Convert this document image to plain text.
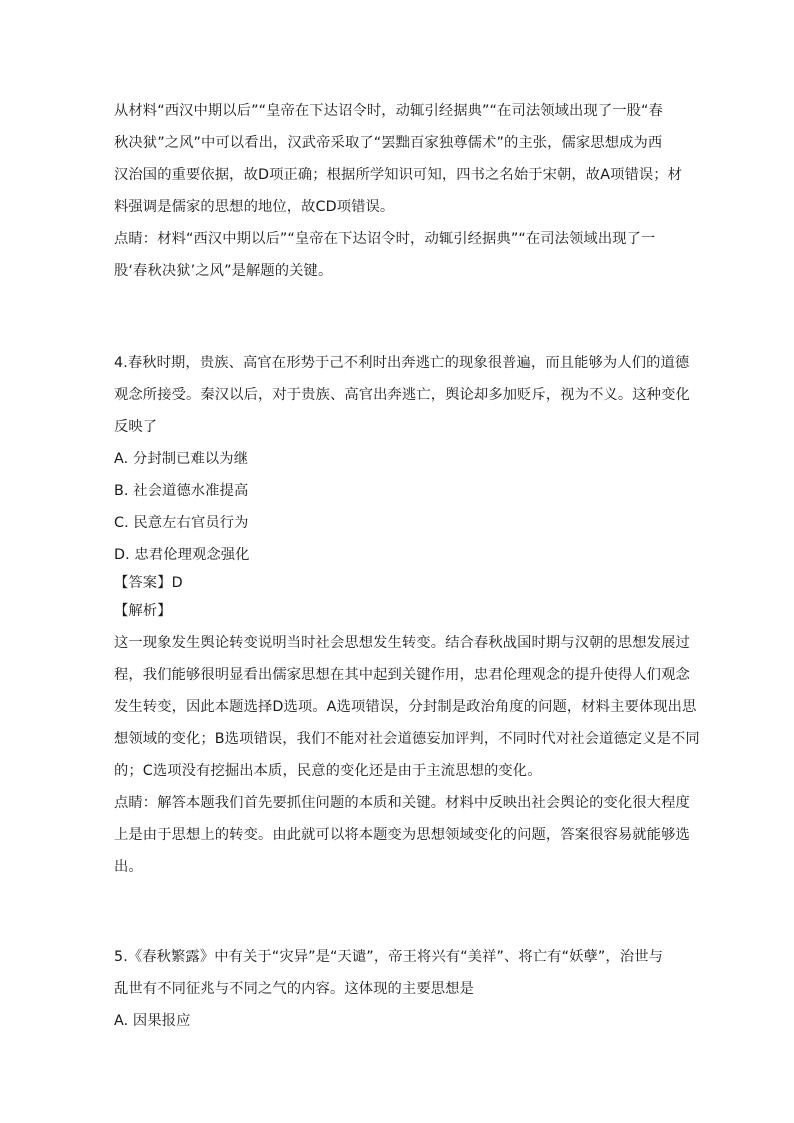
从材料“西汉中期以后”“皇帝在下达诏令时，动辄引经据典”“在司法领域出现了一股“春
秋决狱”之风”中可以看出，汉武帝采取了“罢黜百家独尊儒术”的主张，儒家思想成为西
汉治国的重要依据，故D项正确；根据所学知识可知，四书之名始于宋朝，故A项错误；材
料强调是儒家的思想的地位，故CD项错误。
点睛：材料“西汉中期以后”“皇帝在下达诏令时，动辄引经据典”“在司法领域出现了一
股‘春秋决狱’之风”是解题的关键。
4.春秋时期，贵族、高官在形势于己不利时出奔逃亡的现象很普遍，而且能够为人们的道德
观念所接受。秦汉以后，对于贵族、高官出奔逃亡，舆论却多加贬斥，视为不义。这种变化
反映了
A. 分封制已难以为继
B. 社会道德水准提高
C. 民意左右官员行为
D. 忠君伦理观念强化
【答案】D
【解析】
这一现象发生舆论转变说明当时社会思想发生转变。结合春秋战国时期与汉朝的思想发展过
程，我们能够很明显看出儒家思想在其中起到关键作用，忠君伦理观念的提升使得人们观念
发生转变，因此本题选择D选项。A选项错误，分封制是政治角度的问题，材料主要体现出思
想领域的变化；B选项错误，我们不能对社会道德妄加评判，不同时代对社会道德定义是不同
的；C选项没有挖掘出本质，民意的变化还是由于主流思想的变化。
点睛：解答本题我们首先要抓住问题的本质和关键。材料中反映出社会舆论的变化很大程度
上是由于思想上的转变。由此就可以将本题变为思想领域变化的问题，答案很容易就能够选
出。
5.《春秋繁露》中有关于“灾异”是“天谴”，帝王将兴有“美祥”、将亡有“妖孽”，治世与
乱世有不同征兆与不同之气的内容。这体现的主要思想是
A. 因果报应
